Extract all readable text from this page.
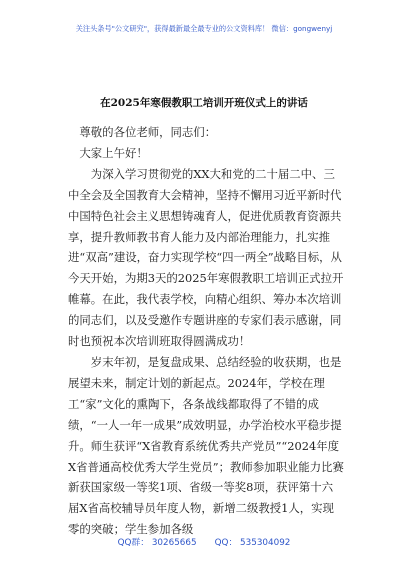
关注头条号"公文研究"，获得最新最全最专业的公文资料库！ 微信：gongwenyj
在2025年寒假教职工培训开班仪式上的讲话

尊敬的各位老师，同志们：

大家上午好！

为深入学习贯彻党的XX大和党的二十届二中、三中全会及全国教育大会精神，坚持不懈用习近平新时代中国特色社会主义思想铸魂育人，促进优质教育资源共享，提升教师教书育人能力及内部治理能力，扎实推进“双高”建设，奋力实现学校“四一两全”战略目标，从今天开始，为期3天的2025年寒假教职工培训正式拉开帷幕。在此，我代表学校，向精心组织、筹办本次培训的同志们，以及受邀作专题讲座的专家们表示感谢，同时也预祝本次培训班取得圆满成功！

岁末年初，是复盘成果、总结经验的收获期，也是展望未来，制定计划的新起点。2024年，学校在理工“家”文化的熏陶下，各条战线都取得了不错的成绩，“一人一年一成果”成效明显，办学治校水平稳步提升。师生获评“X省教育系统优秀共产党员”“2024年度X省普通高校优秀大学生党员”；教师参加职业能力比赛新获国家级一等奖1项、省级一等奖8项，获评第十六届X省高校辅导员年度人物，新增二级教授1人，实现零的突破；学生参加各级

QQ群： 30265665 QQ： 535304092
